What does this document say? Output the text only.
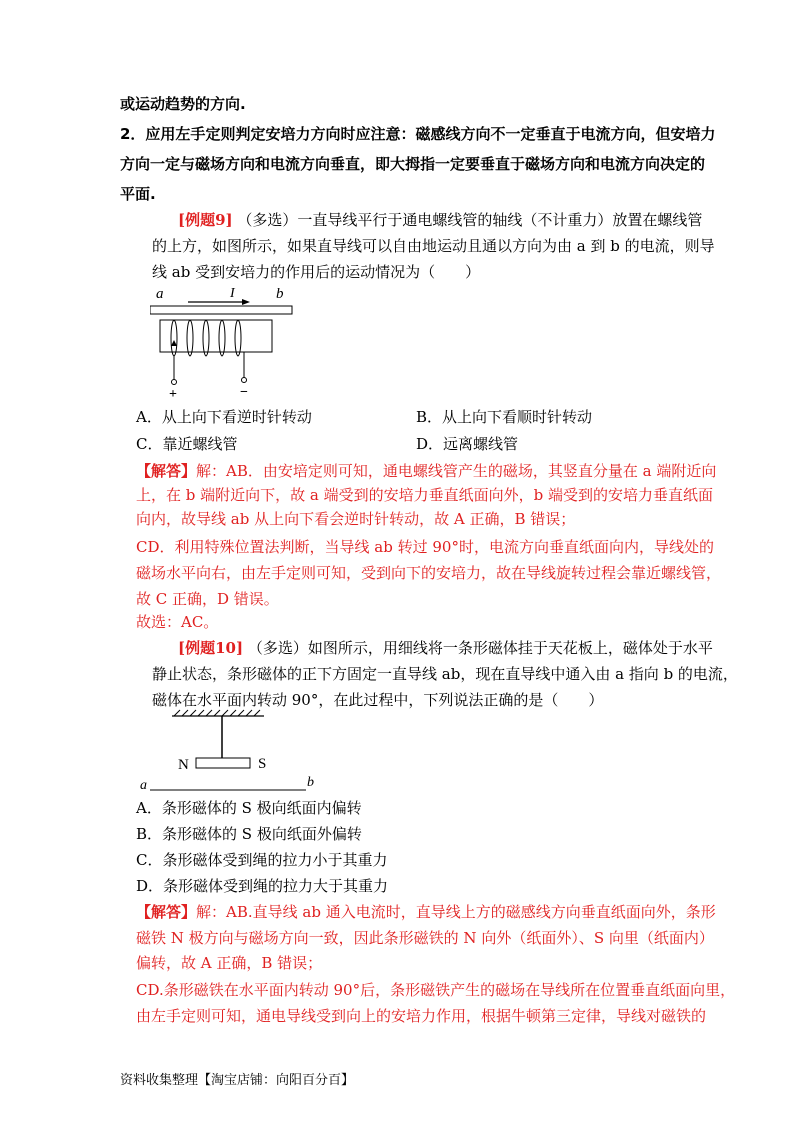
或运动趋势的方向.
2．应用左手定则判定安培力方向时应注意：磁感线方向不一定垂直于电流方向，但安培力
方向一定与磁场方向和电流方向垂直，即大拇指一定要垂直于磁场方向和电流方向决定的
平面.
[例题9] （多选）一直导线平行于通电螺线管的轴线（不计重力）放置在螺线管
的上方，如图所示，如果直导线可以自由地运动且通以方向为由 a 到 b 的电流，则导
线 ab 受到安培力的作用后的运动情况为（　　）
a	I	b
+	−
A．从上向下看逆时针转动	B．从上向下看顺时针转动
C．靠近螺线管	D．远离螺线管
【解答】解：AB．由安培定则可知，通电螺线管产生的磁场，其竖直分量在 a 端附近向
上，在 b 端附近向下，故 a 端受到的安培力垂直纸面向外，b 端受到的安培力垂直纸面
向内，故导线 ab 从上向下看会逆时针转动，故 A 正确，B 错误；
CD．利用特殊位置法判断，当导线 ab 转过 90°时，电流方向垂直纸面向内，导线处的
磁场水平向右，由左手定则可知，受到向下的安培力，故在导线旋转过程会靠近螺线管，
故 C 正确，D 错误。
故选：AC。
[例题10] （多选）如图所示，用细线将一条形磁体挂于天花板上，磁体处于水平
静止状态，条形磁体的正下方固定一直导线 ab，现在直导线中通入由 a 指向 b 的电流，
磁体在水平面内转动 90°，在此过程中，下列说法正确的是（　　）
N	S
a	b
A．条形磁体的 S 极向纸面内偏转
B．条形磁体的 S 极向纸面外偏转
C．条形磁体受到绳的拉力小于其重力
D．条形磁体受到绳的拉力大于其重力
【解答】解：AB.直导线 ab 通入电流时，直导线上方的磁感线方向垂直纸面向外，条形
磁铁 N 极方向与磁场方向一致，因此条形磁铁的 N 向外（纸面外）、S 向里（纸面内）
偏转，故 A 正确，B 错误；
CD.条形磁铁在水平面内转动 90°后，条形磁铁产生的磁场在导线所在位置垂直纸面向里，
由左手定则可知，通电导线受到向上的安培力作用，根据牛顿第三定律，导线对磁铁的
资料收集整理【淘宝店铺：向阳百分百】
